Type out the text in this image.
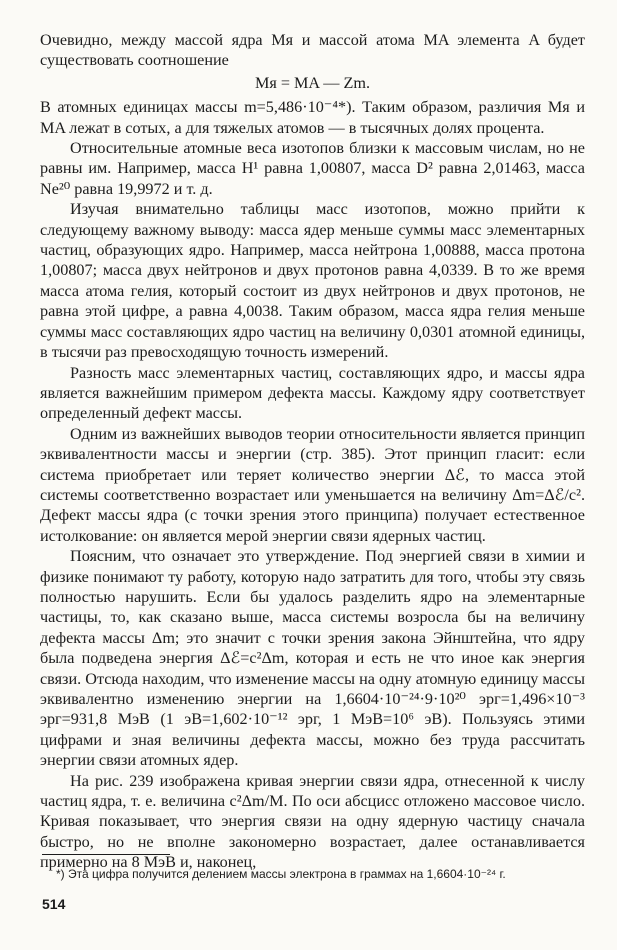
Очевидно, между массой ядра Mя и массой атома MA элемента A будет существовать соотношение

Mя = MA — Zm.

В атомных единицах массы m=5,486·10⁻⁴*). Таким образом, различия Mя и MA лежат в сотых, а для тяжелых атомов — в тысячных долях процента.

Относительные атомные веса изотопов близки к массовым числам, но не равны им. Например, масса H¹ равна 1,00807, масса D² равна 2,01463, масса Ne²⁰ равна 19,9972 и т. д.

Изучая внимательно таблицы масс изотопов, можно прийти к следующему важному выводу: масса ядер меньше суммы масс элементарных частиц, образующих ядро. Например, масса нейтрона 1,00888, масса протона 1,00807; масса двух нейтронов и двух протонов равна 4,0339. В то же время масса атома гелия, который состоит из двух нейтронов и двух протонов, не равна этой цифре, а равна 4,0038. Таким образом, масса ядра гелия меньше суммы масс составляющих ядро частиц на величину 0,0301 атомной единицы, в тысячи раз превосходящую точность измерений.

Разность масс элементарных частиц, составляющих ядро, и массы ядра является важнейшим примером дефекта массы. Каждому ядру соответствует определенный дефект массы.

Одним из важнейших выводов теории относительности является принцип эквивалентности массы и энергии (стр. 385). Этот принцип гласит: если система приобретает или теряет количество энергии Δℰ, то масса этой системы соответственно возрастает или уменьшается на величину Δm=Δℰ/c². Дефект массы ядра (с точки зрения этого принципа) получает естественное истолкование: он является мерой энергии связи ядерных частиц.

Поясним, что означает это утверждение. Под энергией связи в химии и физике понимают ту работу, которую надо затратить для того, чтобы эту связь полностью нарушить. Если бы удалось разделить ядро на элементарные частицы, то, как сказано выше, масса системы возросла бы на величину дефекта массы Δm; это значит с точки зрения закона Эйнштейна, что ядру была подведена энергия Δℰ=c²Δm, которая и есть не что иное как энергия связи. Отсюда находим, что изменение массы на одну атомную единицу массы эквивалентно изменению энергии на 1,6604·10⁻²⁴·9·10²⁰ эрг=1,496×10⁻³ эрг=931,8 МэВ (1 эВ=1,602·10⁻¹² эрг, 1 МэВ=10⁶ эВ). Пользуясь этими цифрами и зная величины дефекта массы, можно без труда рассчитать энергии связи атомных ядер.

На рис. 239 изображена кривая энергии связи ядра, отнесенной к числу частиц ядра, т. е. величина c²Δm/M. По оси абсцисс отложено массовое число. Кривая показывает, что энергия связи на одну ядерную частицу сначала быстро, но не вполне закономерно возрастает, далее останавливается примерно на 8 МэВ и, наконец,

*) Эта цифра получится делением массы электрона в граммах на 1,6604·10⁻²⁴ г.
514
